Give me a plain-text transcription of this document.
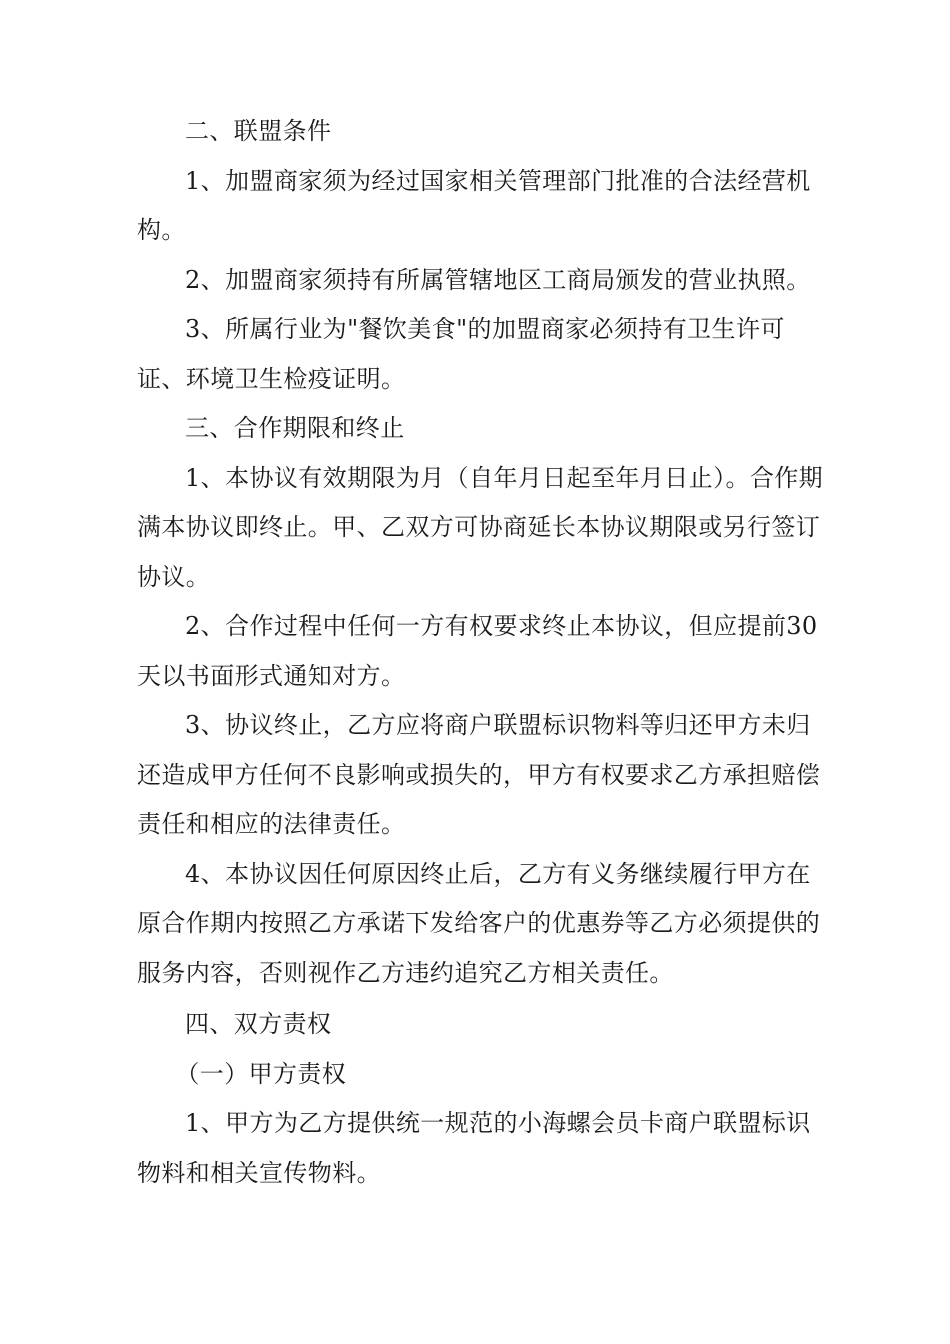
二、联盟条件

1、加盟商家须为经过国家相关管理部门批准的合法经营机构。

2、加盟商家须持有所属管辖地区工商局颁发的营业执照。

3、所属行业为"餐饮美食"的加盟商家必须持有卫生许可证、环境卫生检疫证明。

三、合作期限和终止

1、本协议有效期限为月（自年月日起至年月日止）。合作期满本协议即终止。甲、乙双方可协商延长本协议期限或另行签订协议。

2、合作过程中任何一方有权要求终止本协议，但应提前30天以书面形式通知对方。

3、协议终止，乙方应将商户联盟标识物料等归还甲方未归还造成甲方任何不良影响或损失的，甲方有权要求乙方承担赔偿责任和相应的法律责任。

4、本协议因任何原因终止后，乙方有义务继续履行甲方在原合作期内按照乙方承诺下发给客户的优惠券等乙方必须提供的服务内容，否则视作乙方违约追究乙方相关责任。

四、双方责权

（一）甲方责权

1、甲方为乙方提供统一规范的小海螺会员卡商户联盟标识物料和相关宣传物料。
